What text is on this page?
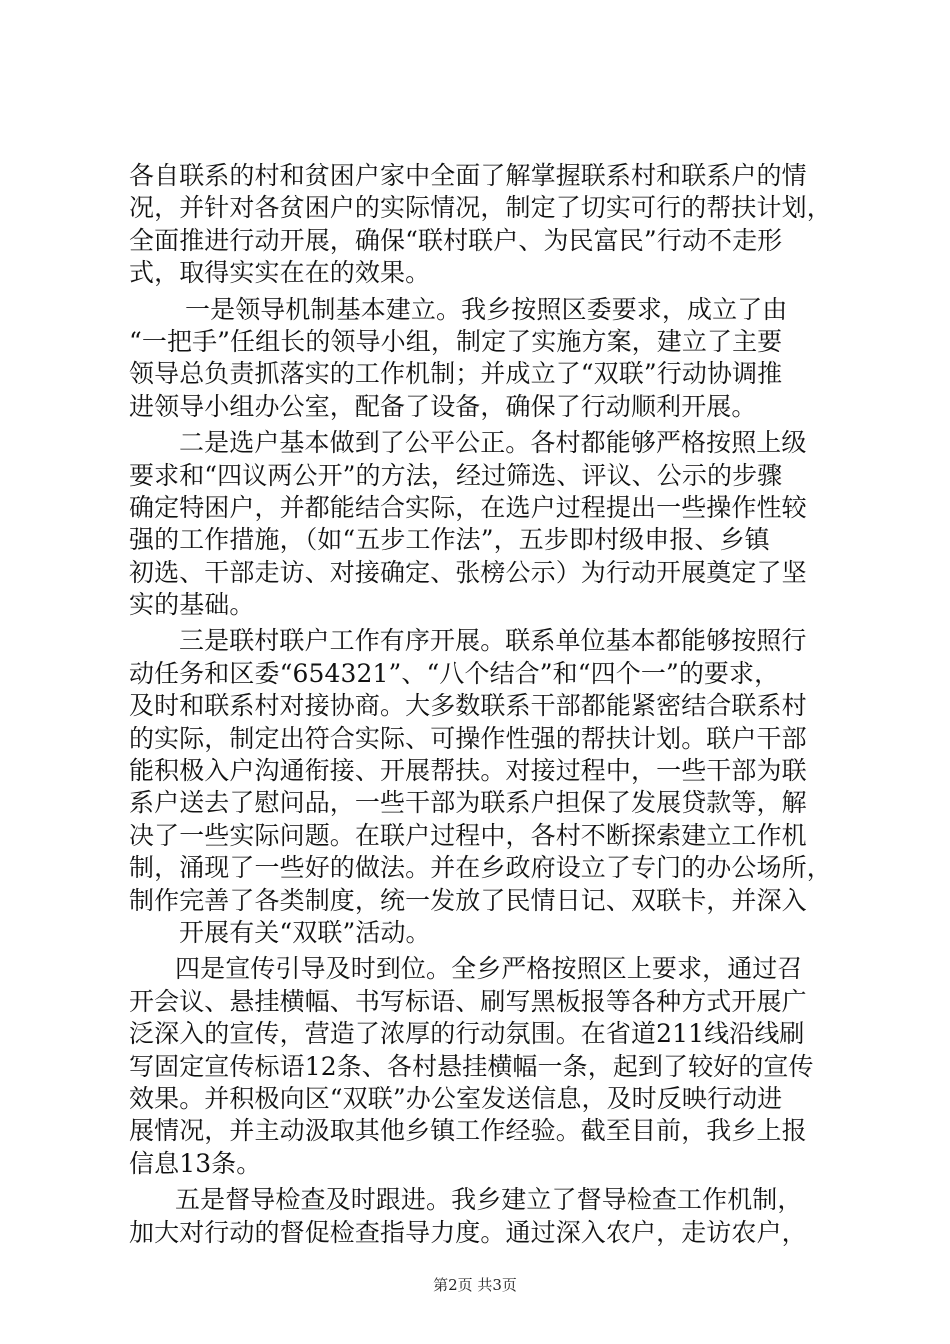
各自联系的村和贫困户家中全面了解掌握联系村和联系户的情
况，并针对各贫困户的实际情况，制定了切实可行的帮扶计划，
全面推进行动开展，确保“联村联户、为民富民”行动不走形
式，取得实实在在的效果。
一是领导机制基本建立。我乡按照区委要求，成立了由
“一把手”任组长的领导小组，制定了实施方案，建立了主要
领导总负责抓落实的工作机制；并成立了“双联”行动协调推
进领导小组办公室，配备了设备，确保了行动顺利开展。
二是选户基本做到了公平公正。各村都能够严格按照上级
要求和“四议两公开”的方法，经过筛选、评议、公示的步骤
确定特困户，并都能结合实际，在选户过程提出一些操作性较
强的工作措施，（如“五步工作法”，五步即村级申报、乡镇
初选、干部走访、对接确定、张榜公示）为行动开展奠定了坚
实的基础。
三是联村联户工作有序开展。联系单位基本都能够按照行
动任务和区委“654321”、“八个结合”和“四个一”的要求，
及时和联系村对接协商。大多数联系干部都能紧密结合联系村
的实际，制定出符合实际、可操作性强的帮扶计划。联户干部
能积极入户沟通衔接、开展帮扶。对接过程中，一些干部为联
系户送去了慰问品，一些干部为联系户担保了发展贷款等，解
决了一些实际问题。在联户过程中，各村不断探索建立工作机
制，涌现了一些好的做法。并在乡政府设立了专门的办公场所，
制作完善了各类制度，统一发放了民情日记、双联卡，并深入
开展有关“双联”活动。
四是宣传引导及时到位。全乡严格按照区上要求，通过召
开会议、悬挂横幅、书写标语、刷写黑板报等各种方式开展广
泛深入的宣传，营造了浓厚的行动氛围。在省道211线沿线刷
写固定宣传标语12条、各村悬挂横幅一条，起到了较好的宣传
效果。并积极向区“双联”办公室发送信息，及时反映行动进
展情况，并主动汲取其他乡镇工作经验。截至目前，我乡上报
信息13条。
五是督导检查及时跟进。我乡建立了督导检查工作机制，
加大对行动的督促检查指导力度。通过深入农户，走访农户，
第2页 共3页
